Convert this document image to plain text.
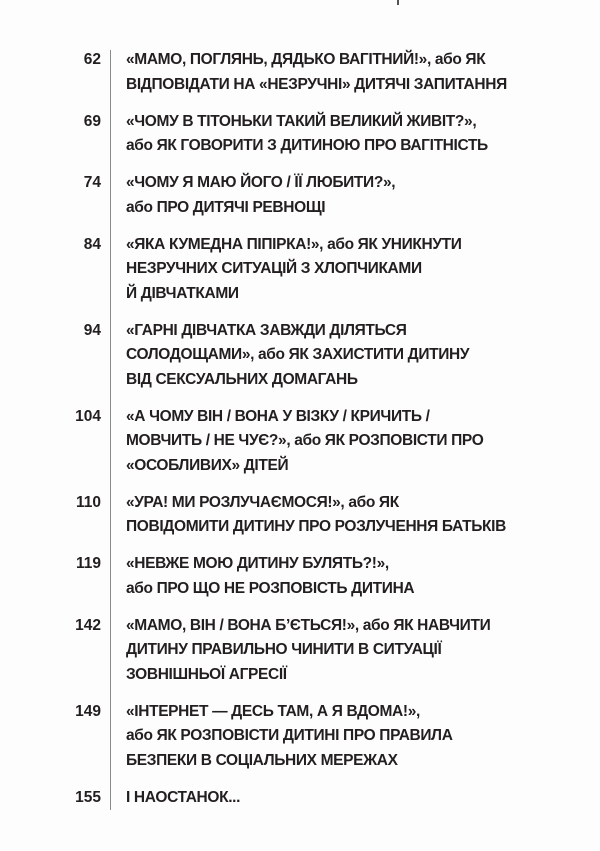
62 «МАМО, ПОГЛЯНЬ, ДЯДЬКО ВАГІТНИЙ!», або ЯК
ВІДПОВІДАТИ НА «НЕЗРУЧНІ» ДИТЯЧІ ЗАПИТАННЯ
69 «ЧОМУ В ТІТОНЬКИ ТАКИЙ ВЕЛИКИЙ ЖИВІТ?»,
або ЯК ГОВОРИТИ З ДИТИНОЮ ПРО ВАГІТНІСТЬ
74 «ЧОМУ Я МАЮ ЙОГО / ЇЇ ЛЮБИТИ?»,
або ПРО ДИТЯЧІ РЕВНОЩІ
84 «ЯКА КУМЕДНА ПІПІРКА!», або ЯК УНИКНУТИ
НЕЗРУЧНИХ СИТУАЦІЙ З ХЛОПЧИКАМИ
Й ДІВЧАТКАМИ
94 «ГАРНІ ДІВЧАТКА ЗАВЖДИ ДІЛЯТЬСЯ
СОЛОДОЩАМИ», або ЯК ЗАХИСТИТИ ДИТИНУ
ВІД СЕКСУАЛЬНИХ ДОМАГАНЬ
104 «А ЧОМУ ВІН / ВОНА У ВІЗКУ / КРИЧИТЬ /
МОВЧИТЬ / НЕ ЧУЄ?», або ЯК РОЗПОВІСТИ ПРО
«ОСОБЛИВИХ» ДІТЕЙ
110 «УРА! МИ РОЗЛУЧАЄМОСЯ!», або ЯК
ПОВІДОМИТИ ДИТИНУ ПРО РОЗЛУЧЕННЯ БАТЬКІВ
119 «НЕВЖЕ МОЮ ДИТИНУ БУЛЯТЬ?!»,
або ПРО ЩО НЕ РОЗПОВІСТЬ ДИТИНА
142 «МАМО, ВІН / ВОНА Б’ЄТЬСЯ!», або ЯК НАВЧИТИ
ДИТИНУ ПРАВИЛЬНО ЧИНИТИ В СИТУАЦІЇ
ЗОВНІШНЬОЇ АГРЕСІЇ
149 «ІНТЕРНЕТ — ДЕСЬ ТАМ, А Я ВДОМА!»,
або ЯК РОЗПОВІСТИ ДИТИНІ ПРО ПРАВИЛА
БЕЗПЕКИ В СОЦІАЛЬНИХ МЕРЕЖАХ
155 І НАОСТАНОК...
